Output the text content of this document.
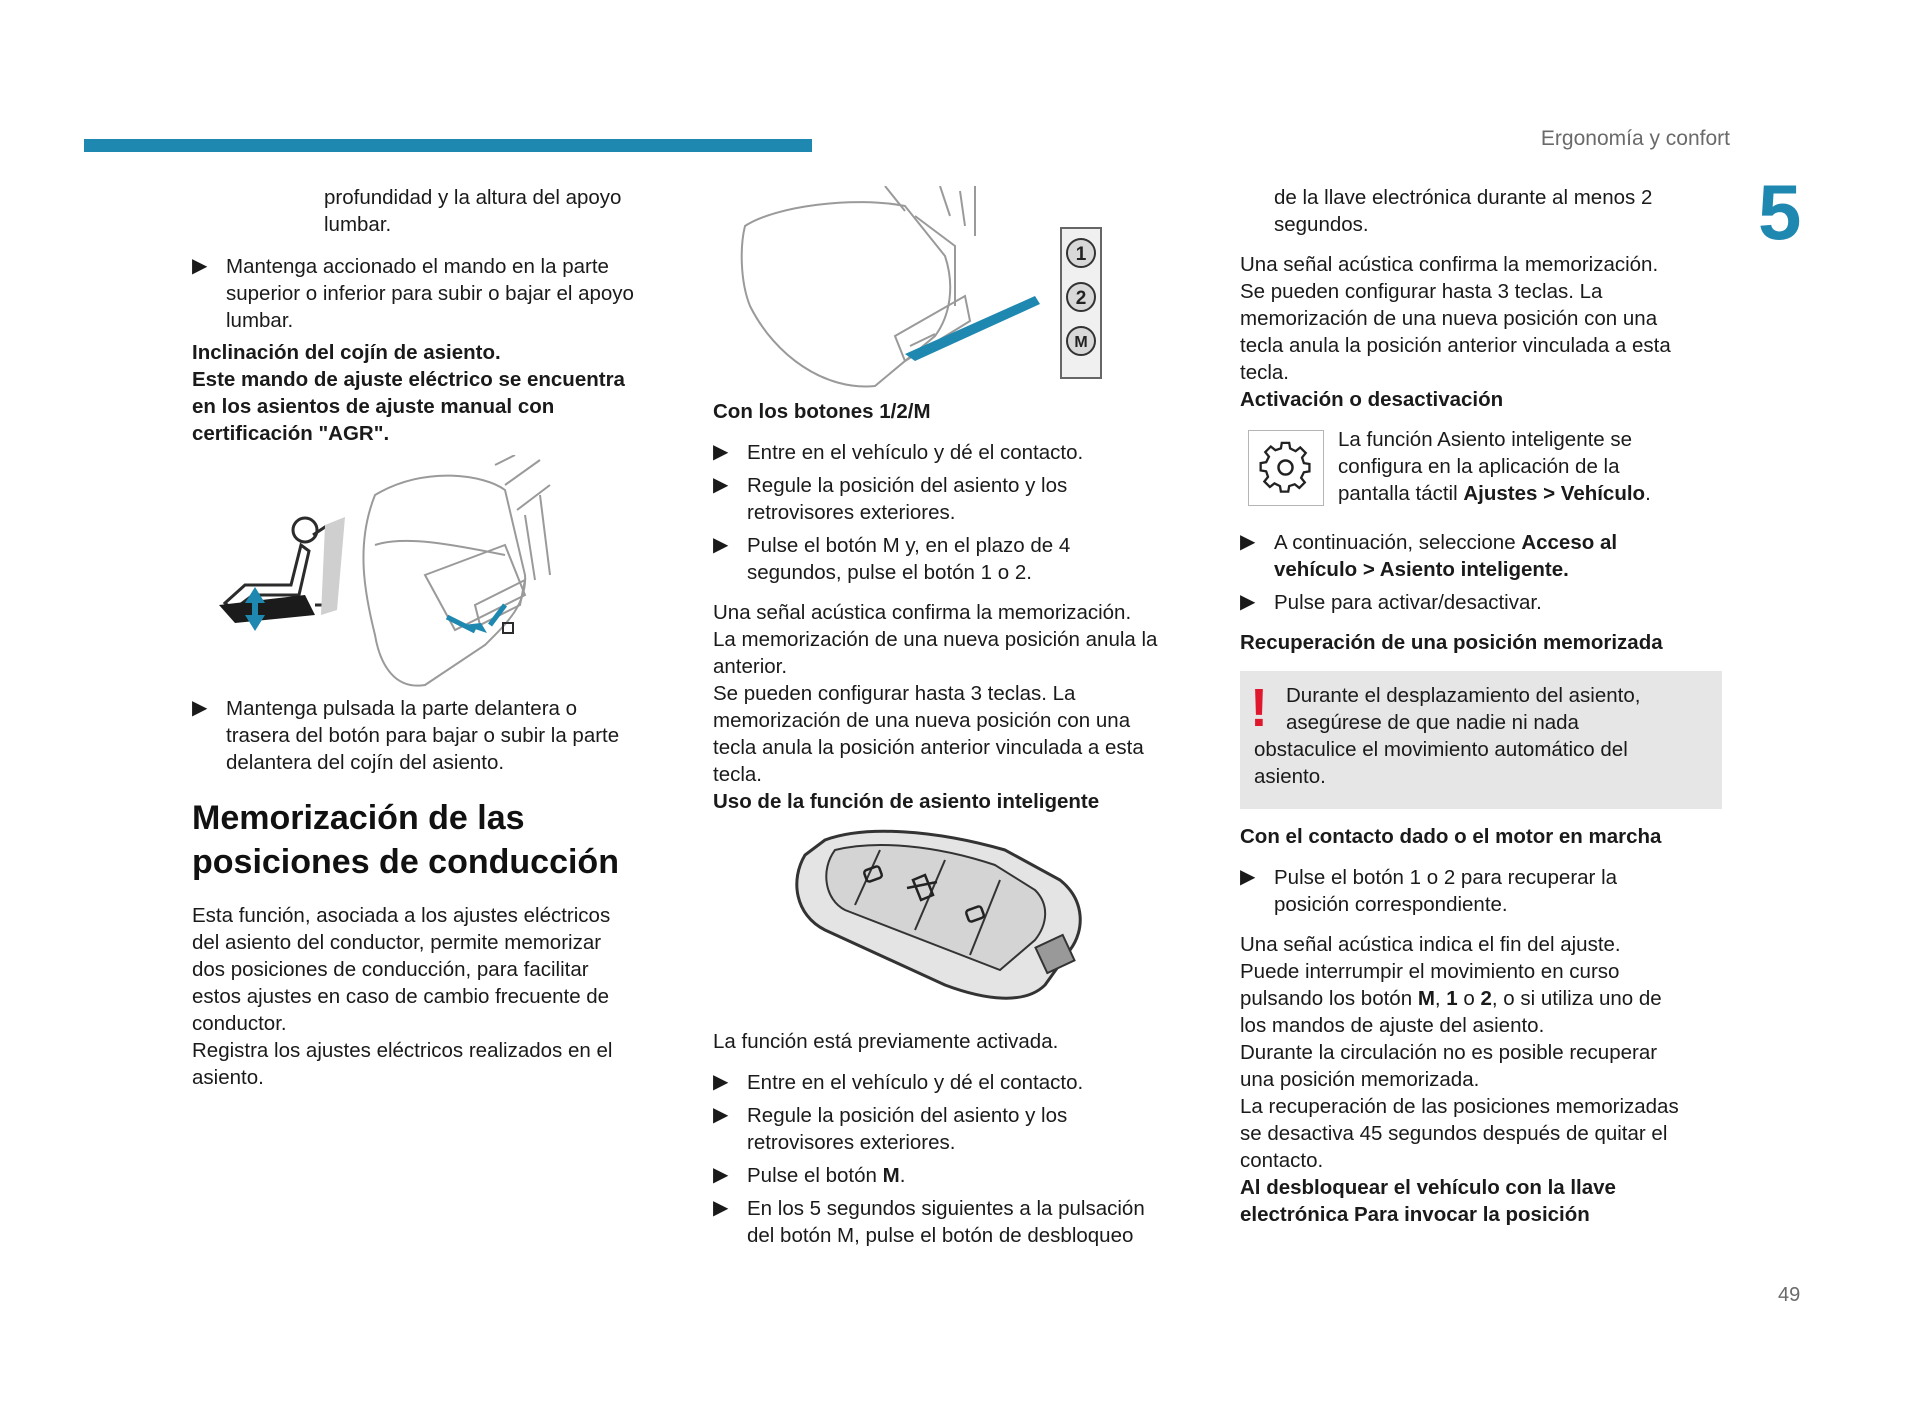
Ergonomía y confort
5

profundidad y la altura del apoyo

lumbar.

▶ Mantenga accionado el mando en la parte

superior o inferior para subir o bajar el apoyo

lumbar.

Inclinación del cojín de asiento.

Este mando de ajuste eléctrico se encuentra

en los asientos de ajuste manual con

certificación "AGR".

▶ Mantenga pulsada la parte delantera o

trasera del botón para bajar o subir la parte

delantera del cojín del asiento.

Memorización de las

posiciones de conducción

Esta función, asociada a los ajustes eléctricos

del asiento del conductor, permite memorizar

dos posiciones de conducción, para facilitar

estos ajustes en caso de cambio frecuente de

conductor.

Registra los ajustes eléctricos realizados en el

asiento.

1
2
M

Con los botones 1/2/M

▶ Entre en el vehículo y dé el contacto.

▶ Regule la posición del asiento y los

retrovisores exteriores.

▶ Pulse el botón M y, en el plazo de 4

segundos, pulse el botón 1 o 2.

Una señal acústica confirma la memorización.

La memorización de una nueva posición anula la

anterior.

Se pueden configurar hasta 3 teclas. La

memorización de una nueva posición con una

tecla anula la posición anterior vinculada a esta

tecla.

Uso de la función de asiento inteligente

La función está previamente activada.

▶ Entre en el vehículo y dé el contacto.

▶ Regule la posición del asiento y los

retrovisores exteriores.

▶ Pulse el botón M.

▶ En los 5 segundos siguientes a la pulsación

del botón M, pulse el botón de desbloqueo

de la llave electrónica durante al menos 2

segundos.

Una señal acústica confirma la memorización.

Se pueden configurar hasta 3 teclas. La

memorización de una nueva posición con una

tecla anula la posición anterior vinculada a esta

tecla.

Activación o desactivación

La función Asiento inteligente se

configura en la aplicación de la

pantalla táctil Ajustes > Vehículo.

▶ A continuación, seleccione Acceso al

vehículo > Asiento inteligente.

▶ Pulse para activar/desactivar.

Recuperación de una posición memorizada

! Durante el desplazamiento del asiento,

asegúrese de que nadie ni nada

obstaculice el movimiento automático del

asiento.

Con el contacto dado o el motor en marcha

▶ Pulse el botón 1 o 2 para recuperar la

posición correspondiente.

Una señal acústica indica el fin del ajuste.

Puede interrumpir el movimiento en curso

pulsando los botón M, 1 o 2, o si utiliza uno de

los mandos de ajuste del asiento.

Durante la circulación no es posible recuperar

una posición memorizada.

La recuperación de las posiciones memorizadas

se desactiva 45 segundos después de quitar el

contacto.

Al desbloquear el vehículo con la llave

electrónica Para invocar la posición

49
